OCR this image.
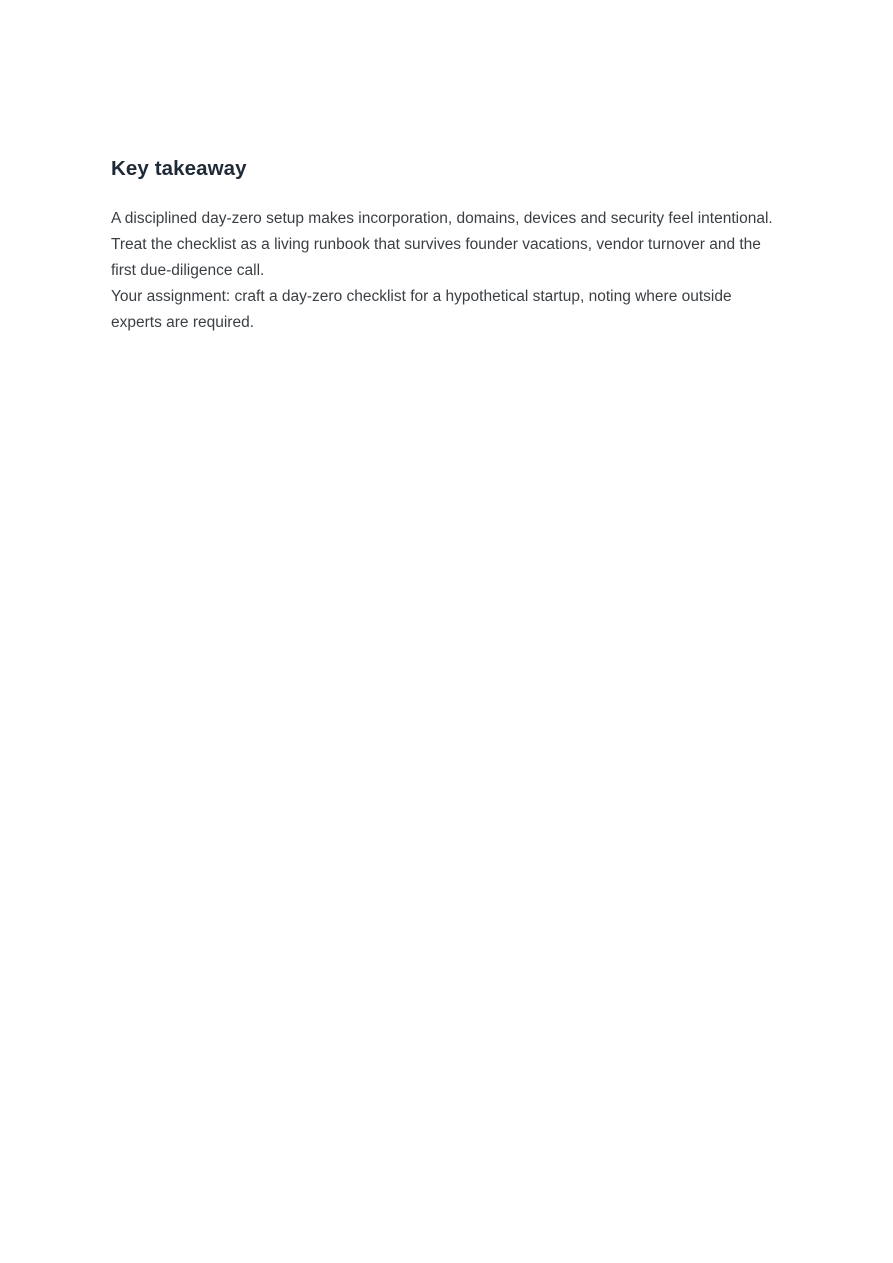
Key takeaway

A disciplined day-zero setup makes incorporation, domains, devices and security feel intentional.

Treat the checklist as a living runbook that survives founder vacations, vendor turnover and the first due-diligence call.

Your assignment: craft a day-zero checklist for a hypothetical startup, noting where outside experts are required.
